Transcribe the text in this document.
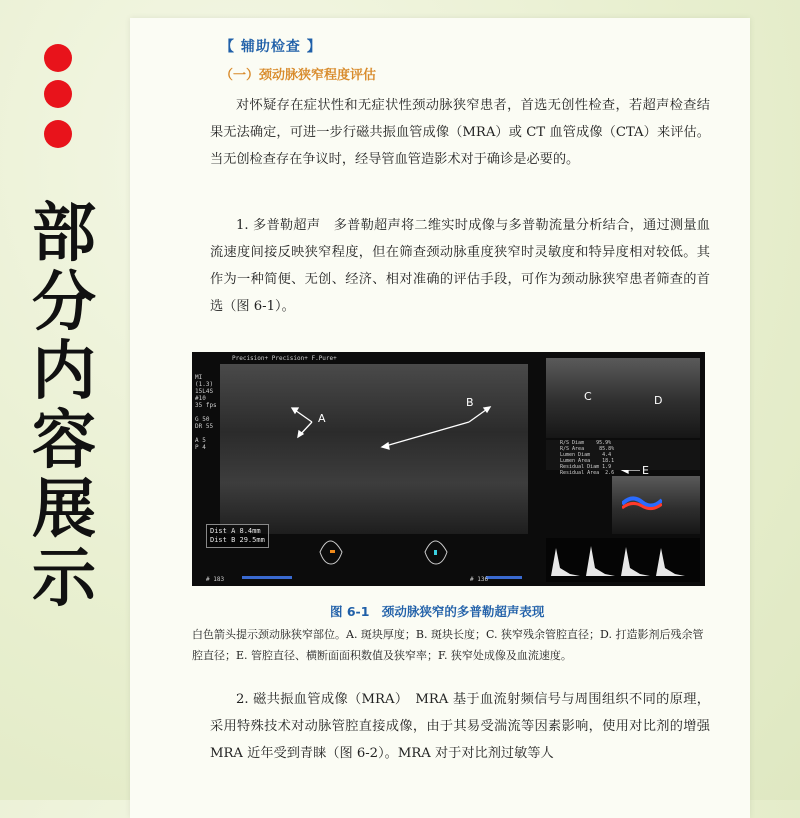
部
分
内
容
展
示
【 辅助检查 】
（一）颈动脉狭窄程度评估

对怀疑存在症状性和无症状性颈动脉狭窄患者，首选无创性检查，若超声检查结果无法确定，可进一步行磁共振血管成像（MRA）或 CT 血管成像（CTA）来评估。当无创检查存在争议时，经导管血管造影术对于确诊是必要的。

1. 多普勒超声　多普勒超声将二维实时成像与多普勒流量分析结合，通过测量血流速度间接反映狭窄程度，但在筛查颈动脉重度狭窄时灵敏度和特异度相对较低。其作为一种简便、无创、经济、相对准确的评估手段，可作为颈动脉狭窄患者筛查的首选（图 6-1）。

Precision+ Precision+ F.Pure+
MI
(1.3)
15L4S
#10
35 fps

G 50
DR 55

A 5
P 4
A
B
Dist A 8.4mm
Dist B 29.5mm
# 183	# 136
R/S Diam    95.9%
R/S Area     85.8%
Lumen Diam    4.4
Lumen Area    18.1
Residual Diam 1.9
Residual Area  2.6
C	D
E
图 6-1　颈动脉狭窄的多普勒超声表现

白色箭头提示颈动脉狭窄部位。A. 斑块厚度；B. 斑块长度；C. 狭窄残余管腔直径；D. 打造影剂后残余管腔直径；E. 管腔直径、横断面面积数值及狭窄率；F. 狭窄处成像及血流速度。

2. 磁共振血管成像（MRA）　MRA 基于血流射频信号与周围组织不同的原理，采用特殊技术对动脉管腔直接成像，由于其易受湍流等因素影响，使用对比剂的增强 MRA 近年受到青睐（图 6-2）。MRA 对于对比剂过敏等人
